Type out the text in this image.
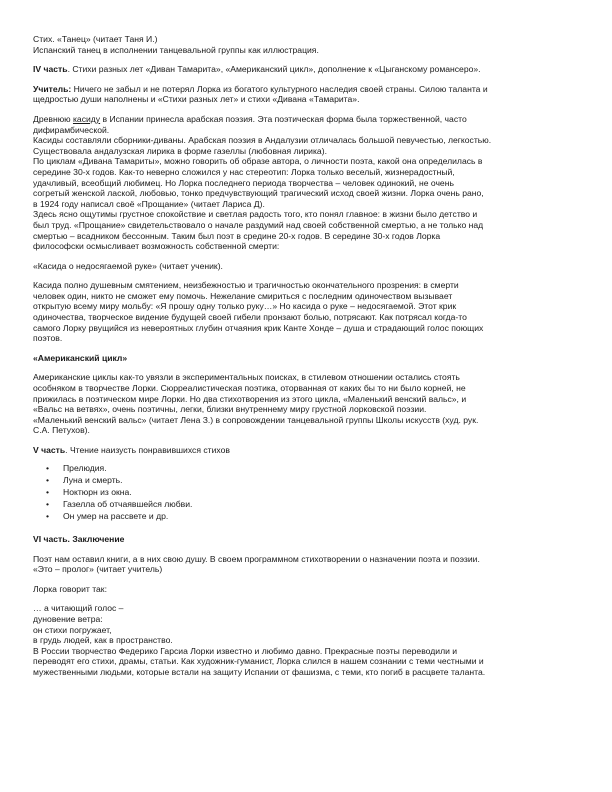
Стих. «Танец» (читает Таня И.)

Испанский танец в исполнении танцевальной группы как иллюстрация.

IV часть. Стихи разных лет «Диван Тамарита», «Американский цикл», дополнение к «Цыганскому романсеро».

Учитель: Ничего не забыл и не потерял Лорка из богатого культурного наследия своей страны. Силою таланта и

щедростью души наполнены и «Стихи разных лет» и стихи «Дивана «Тамарита».

Древнюю касиду в Испании принесла арабская поэзия. Эта поэтическая форма была торжественной, часто

дифирамбической.

Касиды составляли сборники-диваны. Арабская поэзия в Андалузии отличалась большой певучестью, легкостью.

Существовала андалузская лирика в форме газеллы (любовная лирика).

По циклам «Дивана Тамариты», можно говорить об образе автора, о личности поэта, какой она определилась в

середине 30-х годов. Как-то неверно сложился у нас стереотип: Лорка только веселый, жизнерадостный,

удачливый, всеобщий любимец. Но Лорка последнего периода творчества – человек одинокий, не очень

согретый женской лаской, любовью, тонко предчувствующий трагический исход своей жизни. Лорка очень рано,

в 1924 году написал своё «Прощание» (читает Лариса Д).

Здесь ясно ощутимы грустное спокойствие и светлая радость того, кто понял главное: в жизни было детство и

был труд. «Прощание» свидетельствовало о начале раздумий над своей собственной смертью, а не только над

смертью – всадником бессонным. Таким был поэт в средине 20-х годов. В середине 30-х годов Лорка

философски осмысливает возможность собственной смерти:

«Касида о недосягаемой руке» (читает ученик).

Касида полно душевным смятением, неизбежностью и трагичностью окончательного прозрения: в смерти

человек один, никто не сможет ему помочь. Нежелание смириться с последним одиночеством вызывает

открытую всему миру мольбу: «Я прошу одну только руку…» Но касида о руке – недосягаемой. Этот крик

одиночества, творческое видение будущей своей гибели пронзают болью, потрясают. Как потрясал когда-то

самого Лорку рвущийся из невероятных глубин отчаяния крик Канте Хонде – душа и страдающий голос поющих

поэтов.

«Американский цикл»

Американские циклы как-то увязли в экспериментальных поисках, в стилевом отношении остались стоять

особняком в творчестве Лорки. Сюрреалистическая поэтика, оторванная от каких бы то ни было корней, не

прижилась в поэтическом мире Лорки. Но два стихотворения из этого цикла, «Маленький венский вальс», и

«Вальс на ветвях», очень поэтичны, легки, близки внутреннему миру грустной лорковской поэзии.

«Маленький венский вальс» (читает Лена З.) в сопровождении танцевальной группы Школы искусств (худ. рук.

С.А. Петухов).

V часть. Чтение наизусть понравившихся стихов

• Прелюдия.
• Луна и смерть.
• Ноктюрн из окна.
• Газелла об отчаявшейся любви.
• Он умер на рассвете и др.

VI часть. Заключение

Поэт нам оставил книги, а в них свою душу. В своем программном стихотворении о назначении поэта и поэзии.

«Это – пролог» (читает учитель)

Лорка говорит так:

… а читающий голос –

дуновение ветра:

он стихи погружает,

в грудь людей, как в пространство.

В России творчество Федерико Гарсиа Лорки известно и любимо давно. Прекрасные поэты переводили и

переводят его стихи, драмы, статьи. Как художник-гуманист, Лорка слился в нашем сознании с теми честными и

мужественными людьми, которые встали на защиту Испании от фашизма, с теми, кто погиб в расцвете таланта.
